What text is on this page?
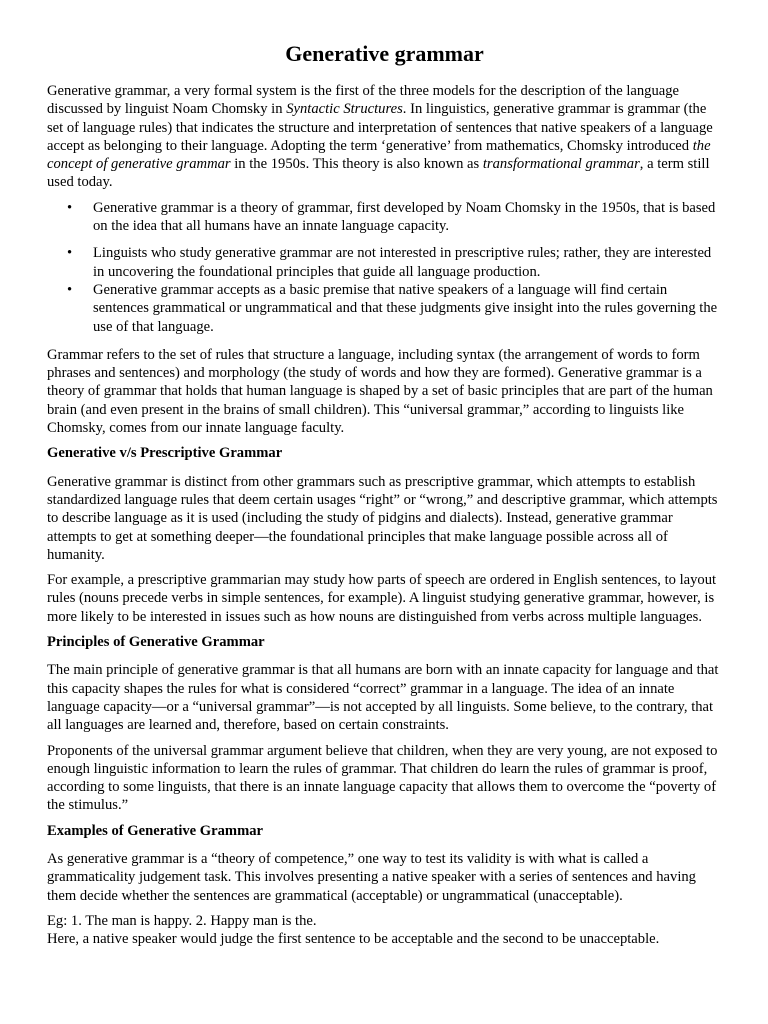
Generative grammar

Generative grammar, a very formal system is the first of the three models for the description of the language discussed by linguist Noam Chomsky in Syntactic Structures. In linguistics, generative grammar is grammar (the set of language rules) that indicates the structure and interpretation of sentences that native speakers of a language accept as belonging to their language. Adopting the term ‘generative’ from mathematics, Chomsky introduced the concept of generative grammar in the 1950s. This theory is also known as transformational grammar, a term still used today.

• Generative grammar is a theory of grammar, first developed by Noam Chomsky in the 1950s, that is based on the idea that all humans have an innate language capacity.
• Linguists who study generative grammar are not interested in prescriptive rules; rather, they are interested in uncovering the foundational principles that guide all language production.
• Generative grammar accepts as a basic premise that native speakers of a language will find certain sentences grammatical or ungrammatical and that these judgments give insight into the rules governing the use of that language.

Grammar refers to the set of rules that structure a language, including syntax (the arrangement of words to form phrases and sentences) and morphology (the study of words and how they are formed). Generative grammar is a theory of grammar that holds that human language is shaped by a set of basic principles that are part of the human brain (and even present in the brains of small children). This “universal grammar,” according to linguists like Chomsky, comes from our innate language faculty.

Generative v/s Prescriptive Grammar

Generative grammar is distinct from other grammars such as prescriptive grammar, which attempts to establish standardized language rules that deem certain usages “right” or “wrong,” and descriptive grammar, which attempts to describe language as it is used (including the study of pidgins and dialects). Instead, generative grammar attempts to get at something deeper—the foundational principles that make language possible across all of humanity.

For example, a prescriptive grammarian may study how parts of speech are ordered in English sentences, to layout rules (nouns precede verbs in simple sentences, for example). A linguist studying generative grammar, however, is more likely to be interested in issues such as how nouns are distinguished from verbs across multiple languages.

Principles of Generative Grammar

The main principle of generative grammar is that all humans are born with an innate capacity for language and that this capacity shapes the rules for what is considered “correct” grammar in a language. The idea of an innate language capacity—or a “universal grammar”—is not accepted by all linguists. Some believe, to the contrary, that all languages are learned and, therefore, based on certain constraints.

Proponents of the universal grammar argument believe that children, when they are very young, are not exposed to enough linguistic information to learn the rules of grammar. That children do learn the rules of grammar is proof, according to some linguists, that there is an innate language capacity that allows them to overcome the “poverty of the stimulus.”

Examples of Generative Grammar

As generative grammar is a “theory of competence,” one way to test its validity is with what is called a grammaticality judgement task. This involves presenting a native speaker with a series of sentences and having them decide whether the sentences are grammatical (acceptable) or ungrammatical (unacceptable).

Eg: 1. The man is happy. 2. Happy man is the.

Here, a native speaker would judge the first sentence to be acceptable and the second to be unacceptable.
